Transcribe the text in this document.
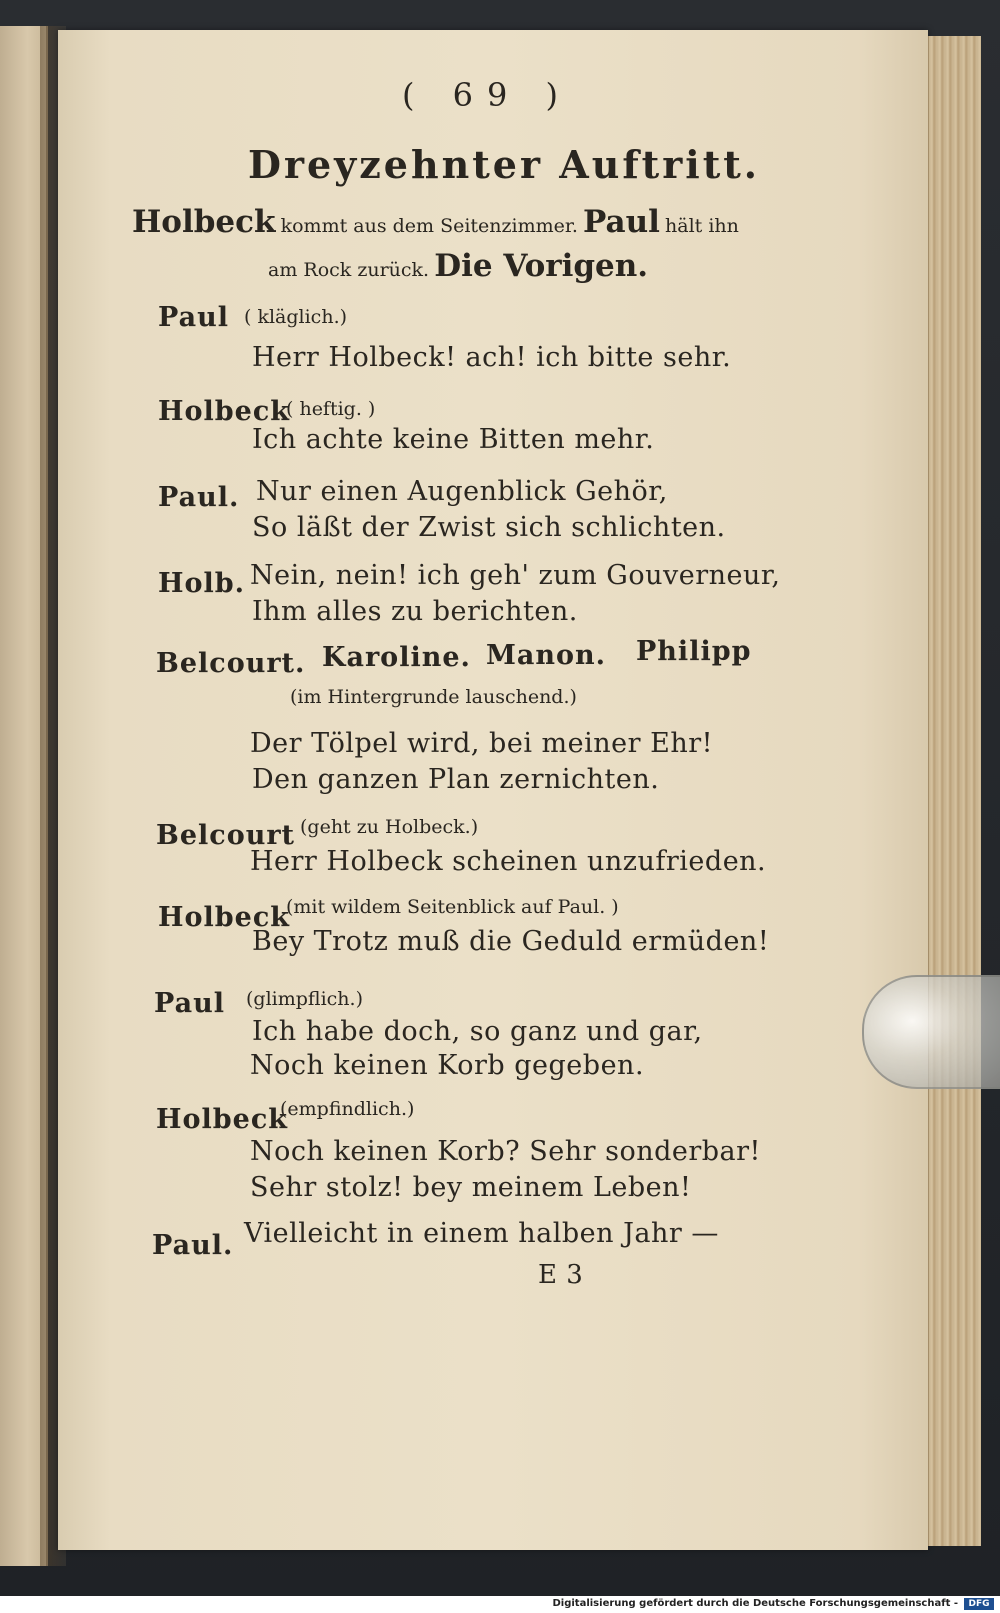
( 69 )
Dreyzehnter Auftritt.
Holbeck kommt aus dem Seitenzimmer. Paul hält ihn
am Rock zurück. Die Vorigen.
Paul ( kläglich.)
Herr Holbeck! ach! ich bitte sehr.
Holbeck
( heftig. )
Ich achte keine Bitten mehr.
Paul. Nur einen Augenblick Gehör,
So läßt der Zwist sich schlichten.
Holb. Nein, nein! ich geh' zum Gouverneur,
Ihm alles zu berichten.
Belcourt. Karoline. Manon. Philipp
(im Hintergrunde lauschend.)
Der Tölpel wird, bei meiner Ehr!
Den ganzen Plan zernichten.
Belcourt (geht zu Holbeck.)
Herr Holbeck scheinen unzufrieden.
Holbeck
(mit wildem Seitenblick auf Paul. )
Bey Trotz muß die Geduld ermüden!
Paul (glimpflich.)
Ich habe doch, so ganz und gar,
Noch keinen Korb gegeben.
Holbeck
(empfindlich.)
Noch keinen Korb? Sehr sonderbar!
Sehr stolz! bey meinem Leben!
Paul. Vielleicht in einem halben Jahr —
E 3
Digitalisierung gefördert durch die Deutsche Forschungsgemeinschaft -	DFG
